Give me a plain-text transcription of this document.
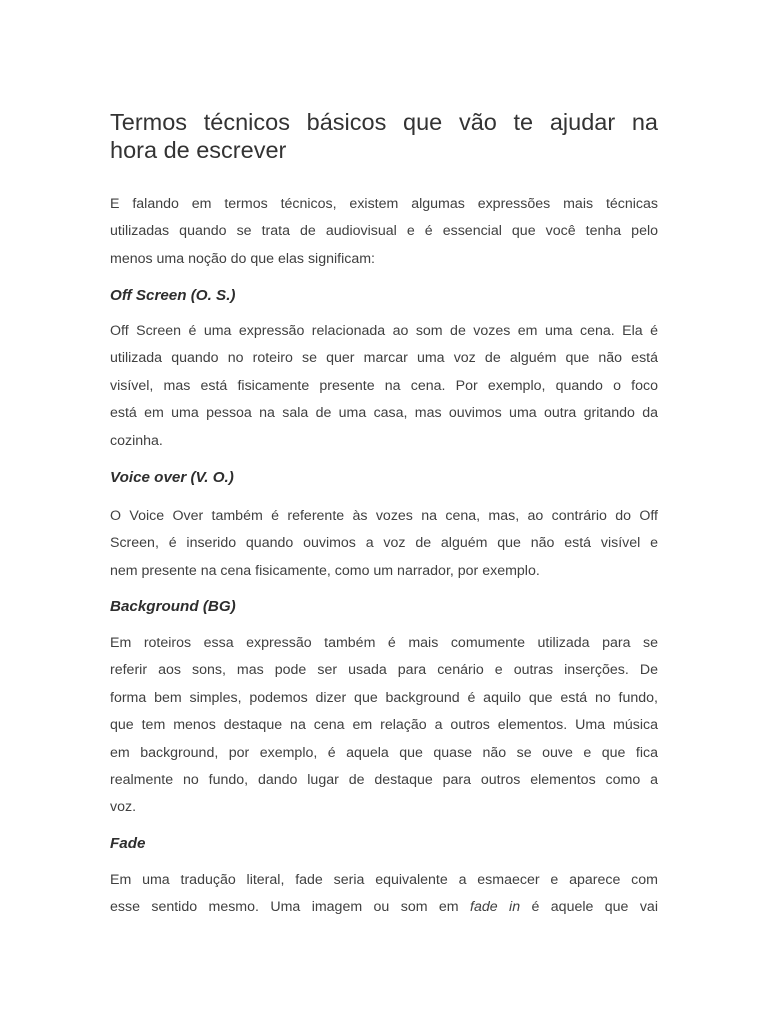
Termos técnicos básicos que vão te ajudar na
hora de escrever

E falando em termos técnicos, existem algumas expressões mais técnicas
utilizadas quando se trata de audiovisual e é essencial que você tenha pelo
menos uma noção do que elas significam:

Off Screen (O. S.)

Off Screen é uma expressão relacionada ao som de vozes em uma cena. Ela é
utilizada quando no roteiro se quer marcar uma voz de alguém que não está
visível, mas está fisicamente presente na cena. Por exemplo, quando o foco
está em uma pessoa na sala de uma casa, mas ouvimos uma outra gritando da
cozinha.

Voice over (V. O.)

O Voice Over também é referente às vozes na cena, mas, ao contrário do Off
Screen, é inserido quando ouvimos a voz de alguém que não está visível e
nem presente na cena fisicamente, como um narrador, por exemplo.

Background (BG)

Em roteiros essa expressão também é mais comumente utilizada para se
referir aos sons, mas pode ser usada para cenário e outras inserções. De
forma bem simples, podemos dizer que background é aquilo que está no fundo,
que tem menos destaque na cena em relação a outros elementos. Uma música
em background, por exemplo, é aquela que quase não se ouve e que fica
realmente no fundo, dando lugar de destaque para outros elementos como a
voz.

Fade

Em uma tradução literal, fade seria equivalente a esmaecer e aparece com
esse sentido mesmo. Uma imagem ou som em fade in é aquele que vai
